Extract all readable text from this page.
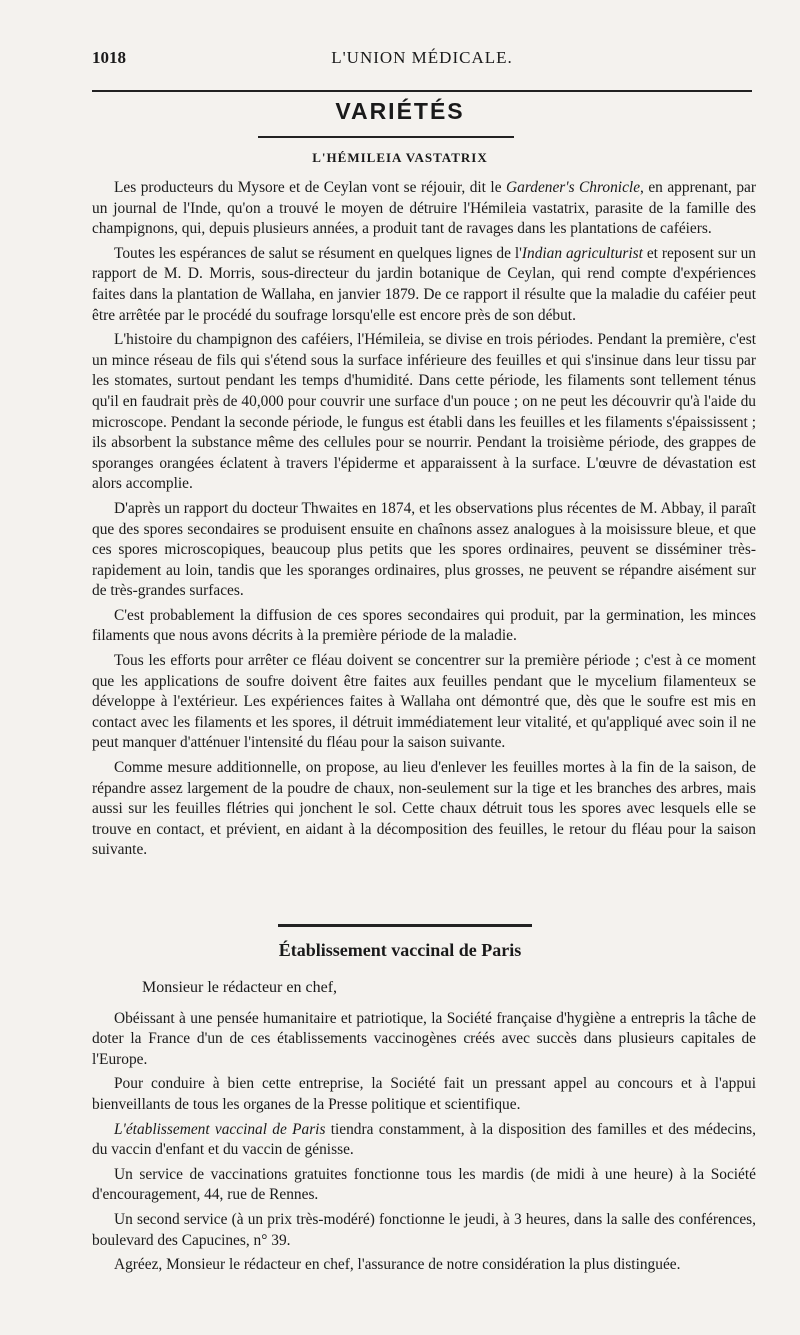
1018	L'UNION MÉDICALE.
VARIÉTÉS
L'HÉMILEIA VASTATRIX

Les producteurs du Mysore et de Ceylan vont se réjouir, dit le Gardener's Chronicle, en apprenant, par un journal de l'Inde, qu'on a trouvé le moyen de détruire l'Hémileia vastatrix, parasite de la famille des champignons, qui, depuis plusieurs années, a produit tant de ravages dans les plantations de caféiers.

Toutes les espérances de salut se résument en quelques lignes de l'Indian agriculturist et reposent sur un rapport de M. D. Morris, sous-directeur du jardin botanique de Ceylan, qui rend compte d'expériences faites dans la plantation de Wallaha, en janvier 1879. De ce rapport il résulte que la maladie du caféier peut être arrêtée par le procédé du soufrage lorsqu'elle est encore près de son début.

L'histoire du champignon des caféiers, l'Hémileia, se divise en trois périodes. Pendant la première, c'est un mince réseau de fils qui s'étend sous la surface inférieure des feuilles et qui s'insinue dans leur tissu par les stomates, surtout pendant les temps d'humidité. Dans cette période, les filaments sont tellement ténus qu'il en faudrait près de 40,000 pour couvrir une surface d'un pouce ; on ne peut les découvrir qu'à l'aide du microscope. Pendant la seconde période, le fungus est établi dans les feuilles et les filaments s'épaississent ; ils absorbent la substance même des cellules pour se nourrir. Pendant la troisième période, des grappes de sporanges orangées éclatent à travers l'épiderme et apparaissent à la surface. L'œuvre de dévastation est alors accomplie.

D'après un rapport du docteur Thwaites en 1874, et les observations plus récentes de M. Abbay, il paraît que des spores secondaires se produisent ensuite en chaînons assez analogues à la moisissure bleue, et que ces spores microscopiques, beaucoup plus petits que les spores ordinaires, peuvent se disséminer très-rapidement au loin, tandis que les sporanges ordinaires, plus grosses, ne peuvent se répandre aisément sur de très-grandes surfaces.

C'est probablement la diffusion de ces spores secondaires qui produit, par la germination, les minces filaments que nous avons décrits à la première période de la maladie.

Tous les efforts pour arrêter ce fléau doivent se concentrer sur la première période ; c'est à ce moment que les applications de soufre doivent être faites aux feuilles pendant que le mycelium filamenteux se développe à l'extérieur. Les expériences faites à Wallaha ont démontré que, dès que le soufre est mis en contact avec les filaments et les spores, il détruit immédiatement leur vitalité, et qu'appliqué avec soin il ne peut manquer d'atténuer l'intensité du fléau pour la saison suivante.

Comme mesure additionnelle, on propose, au lieu d'enlever les feuilles mortes à la fin de la saison, de répandre assez largement de la poudre de chaux, non-seulement sur la tige et les branches des arbres, mais aussi sur les feuilles flétries qui jonchent le sol. Cette chaux détruit tous les spores avec lesquels elle se trouve en contact, et prévient, en aidant à la décomposition des feuilles, le retour du fléau pour la saison suivante.

Établissement vaccinal de Paris

Monsieur le rédacteur en chef,

Obéissant à une pensée humanitaire et patriotique, la Société française d'hygiène a entrepris la tâche de doter la France d'un de ces établissements vaccinogènes créés avec succès dans plusieurs capitales de l'Europe.

Pour conduire à bien cette entreprise, la Société fait un pressant appel au concours et à l'appui bienveillants de tous les organes de la Presse politique et scientifique.

L'établissement vaccinal de Paris tiendra constamment, à la disposition des familles et des médecins, du vaccin d'enfant et du vaccin de génisse.

Un service de vaccinations gratuites fonctionne tous les mardis (de midi à une heure) à la Société d'encouragement, 44, rue de Rennes.

Un second service (à un prix très-modéré) fonctionne le jeudi, à 3 heures, dans la salle des conférences, boulevard des Capucines, n° 39.

Agréez, Monsieur le rédacteur en chef, l'assurance de notre considération la plus distinguée.
